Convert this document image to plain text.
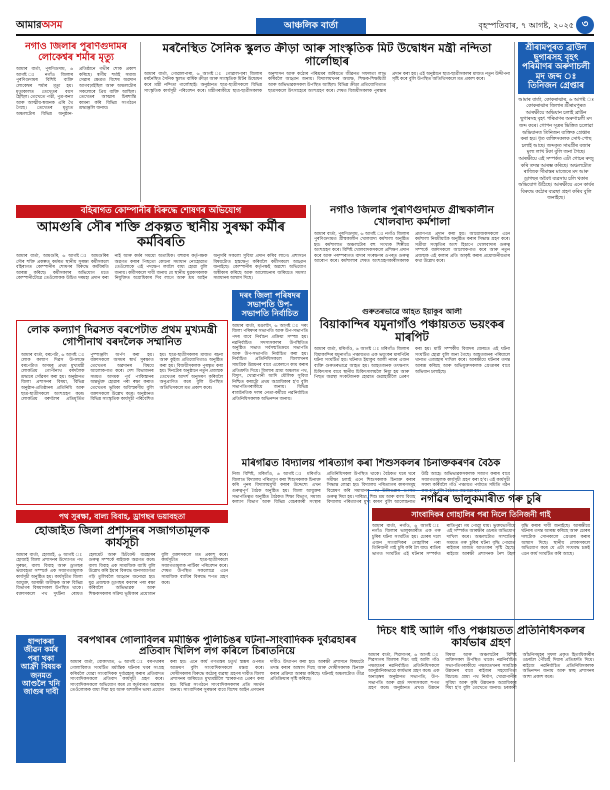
আমারঅসম	আঞ্চলিক বাৰ্তা	বৃহস্পতিবাৰ, ৭ আগষ্ট, ২০২৫ ৩
নগাঁও জিলাৰ পুৰণিগুদামৰ লোকেশ্বৰ শৰ্মাৰ মৃত্যু
আমাৰ বাৰ্তা, পুৰণিগুদাম, ৬ আগষ্ট ঃ নগাঁও জিলাৰ পুৰণিগুদামৰ বিশিষ্ট ব্যক্তি লোকেশ্বৰ শৰ্মাৰ মৃত্যু হয়। মৃত্যুকালত তেখেতৰ বয়স হৈছিল। তেখেতে পত্নী, পুত্ৰ-কন্যা আৰু আত্মীয়-স্বজনক এৰি থৈ গৈছে। তেখেতৰ মৃত্যুত অঞ্চলটোৰ বিভিন্ন অনুষ্ঠান-প্ৰতিষ্ঠানে গভীৰ শোক প্ৰকাশ কৰিছে। স্বৰ্গীয় শৰ্মাই সমাজ সেৱাৰ ক্ষেত্ৰত বিশেষ অৱদান আগবঢ়াইছিল আৰু অঞ্চলটোৰ সকলোৰে প্ৰিয় ব্যক্তি আছিল। তেখেতৰ আত্মাৰ চিৰশান্তি কামনা কৰি বিভিন্ন সংগঠনে শ্ৰদ্ধাঞ্জলি জনায়।
মৰনৈস্থিত সৈনিক স্কুলত ক্ৰীড়া আৰু সাংস্কৃতিক মিট উদ্বোধন মন্ত্ৰী নন্দিতা গাৰ্লোছাৰ
আমাৰ বাৰ্তা, গোৱালপাৰা, ৬ আগষ্ট ঃ গোৱালপাৰা জিলাৰ মৰনৈস্থিত সৈনিক স্কুলত বাৰ্ষিক ক্ৰীড়া আৰু সাংস্কৃতিক মিটৰ উদ্বোধন কৰে মন্ত্ৰী নন্দিতা গাৰ্লোছাই। অনুষ্ঠানত ছাত্ৰ-ছাত্ৰীসকলে বিভিন্ন সাংস্কৃতিক কাৰ্যসূচী পৰিবেশন কৰে। মন্ত্ৰীগৰাকীয়ে ছাত্ৰ-ছাত্ৰীসকলক অনুশাসন আৰু কঠোৰ পৰিশ্ৰমৰ জৰিয়তে জীৱনত সফলতা লাভ কৰিবলৈ আহ্বান জনায়। বিদ্যালয়খনৰ অধ্যক্ষ, শিক্ষক-শিক্ষয়িত্ৰী আৰু অভিভাৱকসকল উপস্থিত আছিল। বিভিন্ন ক্ৰীড়া প্ৰতিযোগিতাত ছাত্ৰসকলে উৎসাহেৰে অংশগ্ৰহণ কৰে। শেষত বিজয়ীসকলক পুৰস্কাৰ প্ৰদান কৰা হয়। এই অনুষ্ঠানে ছাত্ৰ-ছাত্ৰীসকলৰ মাজত নতুন উদ্দীপনা সৃষ্টি কৰে বুলি উপস্থিত অতিথিসকলে মত প্ৰকাশ কৰে।
শ্ৰীৰামপুৰত ব্ৰাউন ছুগাৰসহ বৃহৎ পৰিমাণৰ অৰুণাচলী মদ জব্দ ঃ তিনিজন গ্ৰেপ্তাৰ
আমাৰ বাৰ্তা, কোকৰাঝাৰ, ৬ আগষ্ট ঃ কোকৰাঝাৰ জিলাৰ শ্ৰীৰামপুৰত আৰক্ষীয়ে অভিযান চলাই ব্ৰাউন ছুগাৰসহ বৃহৎ পৰিমাণৰ অৰুণাচলী মদ জব্দ কৰে। গোপন সূত্ৰৰ ভিত্তিত চলোৱা অভিযানত তিনিজন ব্যক্তিক গ্ৰেপ্তাৰ কৰা হয়। ধৃত ব্যক্তিসকলক সোধ-পোছ চলাই আছে। জব্দকৃত সামগ্ৰীৰ বজাৰ মূল্য লাখ টকা বুলি জনা গৈছে। আৰক্ষীয়ে এই সম্পৰ্কত এটা গোচৰ ৰুজু কৰি তদন্ত আৰম্ভ কৰিছে। অঞ্চলটোত ৰাজ্যিক সীমান্তৰ মাজেৰে মদ আৰু ড্ৰাগছৰ অবৈধ ব্যৱসায় চলি থকাৰ অভিযোগ উঠিছে। আৰক্ষীয়ে এনে কাৰ্যৰ বিৰুদ্ধে কঠোৰ ব্যৱস্থা গ্ৰহণ কৰিব বুলি জনাইছে।
বহিৰাগত কোম্পানীৰ বিৰুদ্ধে শোষণৰ অভিযোগ
আমগুৰি সৌৰ শক্তি প্ৰকল্পত স্থানীয় সুৰক্ষা কৰ্মীৰ কৰ্মবিৰতি
আমাৰ বাৰ্তা, আমগুৰি, ৬ আগষ্ট ঃ আমগুৰিৰ সৌৰ শক্তি প্ৰকল্পত কৰ্মৰত স্থানীয় সুৰক্ষা কৰ্মীসকলে বহিৰাগত কোম্পানীৰ শোষণৰ বিৰুদ্ধে কৰ্মবিৰতি আৰম্ভ কৰিছে। কৰ্মীসকলৰ অভিযোগ মতে কোম্পানীটোৱে তেওঁলোকক উচিত দৰমহা প্ৰদান কৰা নাই আৰু কৰ্মৰ সময়ো অত্যধিক। বহুবাৰ কৰ্তৃপক্ষক অৱগত কৰাৰ পিছতো কোনো সমাধান নোহোৱাত তেওঁলোকে এই পদক্ষেপ লবলৈ বাধ্য হোৱা বুলি জনায়। কৰ্মীসকলে দাবী জনায় যে স্থানীয় যুৱকসকলক নিযুক্তিত অগ্ৰাধিকাৰ দিব লাগে আৰু শ্ৰম আইন অনুসৰি সকলো সুবিধা প্ৰদান কৰিব লাগে। প্ৰশাসনে বিষয়টোত হস্তক্ষেপ কৰিবলৈ কৰ্মীসকলে আহ্বান জনাইছে। কোম্পানীৰ কৰ্তৃপক্ষই অৱশ্যে অভিযোগ অস্বীকাৰ কৰিছে আৰু আলোচনাৰ জৰিয়তে সমস্যা সমাধানৰ আশ্বাস দিছে।
নগাঁও জিলাৰ পুৰণিগুদামত গ্ৰীষ্মকালীন খোলবাদ্য কৰ্মশালা
আমাৰ বাৰ্তা, পুৰণিগুদাম, ৬ আগষ্ট ঃ নগাঁও জিলাৰ পুৰণিগুদামত গ্ৰীষ্মকালীন খোলবাদ্য কৰ্মশালা অনুষ্ঠিত হয়। কৰ্মশালাত অঞ্চলটোৰ বহু সংখ্যক শিল্পীয়ে অংশগ্ৰহণ কৰে। বিশিষ্ট খোলবাদকসকলে প্ৰশিক্ষণ প্ৰদান কৰে আৰু পৰম্পৰাগত বাদ্যৰ সংৰক্ষণৰ ওপৰত গুৰুত্ব আৰোপ কৰে। কৰ্মশালাৰ শেষত অংশগ্ৰহণকাৰীসকলক প্ৰমাণপত্ৰ প্ৰদান কৰা হয়। আয়োজকসকলে এনে কৰ্মশালা নিয়মীয়াকৈ অনুষ্ঠিত কৰাৰ সিদ্ধান্ত গ্ৰহণ কৰে। সত্ৰীয়া সংস্কৃতিৰ অংশ হিচাপে খোলবাদ্যৰ গুৰুত্ব সম্পৰ্কে বক্তাসকলে আলোকপাত কৰে আৰু নতুন প্ৰজন্মক এই কলাৰ প্ৰতি আকৃষ্ট কৰাৰ প্ৰয়োজনীয়তাৰ কথা উল্লেখ কৰে।
গুৰুতৰভাৱে আহত ইয়াকুব আলী
বিয়াকান্দিৰ যমুনাগাঁও পঞ্চায়তত ভয়ংকৰ মাৰপিট
আমাৰ বাৰ্তা, মৰিগাঁও, ৬ আগষ্ট ঃ মৰিগাঁও জিলাৰ বিয়াকান্দিৰ যমুনাগাঁও পঞ্চায়তত এক ভয়ংকৰ মাৰপিটৰ ঘটনা সংঘটিত হয়। ঘটনাত ইয়াকুব আলী নামৰ এজন ব্যক্তি গুৰুতৰভাৱে আহত হয়। আহতজনক তৎক্ষণাৎ চিকিৎসাৰ বাবে স্থানীয় চিকিৎসালয়লৈ নিয়া হয় আৰু পিছত অৱস্থা সংকটজনক হোৱাত গুৱাহাটীলৈ প্ৰেৰণ কৰা হয়। মাটি সম্পৰ্কীয় বিবাদৰ জেৰতে এই ঘটনা সংঘটিত হোৱা বুলি জনা গৈছে। আহতজনৰ পৰিয়ালে থানাত এজাহাৰ দাখিল কৰে। আৰক্ষীয়ে ঘটনাৰ তদন্ত আৰম্ভ কৰিছে আৰু অভিযুক্তসকলক গ্ৰেপ্তাৰৰ বাবে অভিযান চলাইছে।
লোক কল্যাণ দিৱসত বৰপেটাত প্ৰথম মুখ্যমন্ত্ৰী গোপীনাথ বৰদলৈক সম্মানিত
আমাৰ বাৰ্তা, বৰপেটা, ৬ আগষ্ট ঃ লোক কল্যাণ দিৱস উপলক্ষে বৰপেটাত অসমৰ প্ৰথম মুখ্যমন্ত্ৰী লোকপ্ৰিয় গোপীনাথ বৰদলৈক শ্ৰদ্ধাৰে সোঁৱৰণ কৰা হয়। অনুষ্ঠানত জিলা প্ৰশাসনৰ বিষয়া, বিভিন্ন অনুষ্ঠান-প্ৰতিষ্ঠানৰ প্ৰতিনিধি আৰু ছাত্ৰ-ছাত্ৰীসকলে অংশগ্ৰহণ কৰে। লোকপ্ৰিয় বৰদলৈৰ প্ৰতিমূৰ্তিত পুষ্পাঞ্জলি অৰ্পণ কৰা হয়। বক্তাসকলে অসমৰ স্বাৰ্থ সুৰক্ষাত তেখেতৰ অৱদানৰ বিষয়ে আলোকপাত কৰে। দেশ বিভাজনৰ সময়ত অসমক পূৰ্ব পাকিস্তানৰ অন্তৰ্ভুক্ত হোৱাৰ পৰা ৰক্ষা কৰাত তেখেতৰ ভূমিকা অবিস্মৰণীয় বুলি বক্তাসকলে উল্লেখ কৰে। অনুষ্ঠানত বিভিন্ন সাংস্কৃতিক কাৰ্যসূচী পৰিবেশিত হয়। ছাত্ৰ-ছাত্ৰীসকলৰ মাজত ৰচনা আৰু কুইজ প্ৰতিযোগিতাও অনুষ্ঠিত কৰা হয়। বিজয়ীসকলক পুৰস্কৃত কৰা হয়। দিনটোৰ অনুষ্ঠানে নতুন প্ৰজন্মক তেখেতৰ আদৰ্শ অনুসৰণ কৰিবলৈ অনুপ্ৰাণিত কৰে বুলি উপস্থিত অতিথিসকলে মত প্ৰকাশ কৰে।
দৰং জিলা পৰিষদৰ সভাপতি উপ-সভাপতি নিৰ্বাচিত
আমাৰ বাৰ্তা, মঙলদৈ, ৬ আগষ্ট ঃ দৰং জিলা পৰিষদৰ সভাপতি আৰু উপ-সভাপতি পদৰ বাবে নিৰ্বাচন প্ৰক্ৰিয়া সম্পন্ন হয়। নৱনিৰ্বাচিত সদস্যসকলৰ উপস্থিতিত অনুষ্ঠিত সভাত সৰ্বসন্মতিক্ৰমে সভাপতি আৰু উপ-সভাপতি নিৰ্বাচিত কৰা হয়। নিৰ্বাচিত প্ৰতিনিধিসকলে জিলাখনৰ সামগ্ৰিক উন্নয়নৰ বাবে একেলগে কাম কৰাৰ প্ৰতিশ্ৰুতি দিয়ে। জিলাৰ গ্ৰাম্য অঞ্চলত পথ, বিদ্যুৎ, খোৱাপানী আদি মৌলিক সুবিধা নিশ্চিত কৰাটো প্ৰথম অগ্ৰাধিকাৰ হ'ব বুলি সভাপতিগৰাকীয়ে জনায়। বিভিন্ন ৰাজনৈতিক দলৰ নেতা-কৰ্মীয়ে নৱনিৰ্বাচিত প্ৰতিনিধিসকলক অভিনন্দন জনায়।
মৰিগাঁৱত বিদ্যালয় পৰিত্যাগ কৰা শিশুসকলৰ চিনাক্তকৰণৰ বৈঠক
নিজ বিশিষ্ট, মৰিগাঁও, ৬ আগষ্ট ঃ মৰিগাঁও জিলাত বিদ্যালয় পৰিত্যাগ কৰা শিশুসকলক চিনাক্ত কৰি পুনৰ বিদ্যালয়মুখী কৰাৰ উদ্দেশ্যে এখন গুৰুত্বপূৰ্ণ বৈঠক অনুষ্ঠিত হয়। জিলা আয়ুক্তৰ সভাপতিত্বত অনুষ্ঠিত বৈঠকত শিক্ষা বিভাগ, সমাজ কল্যাণ বিভাগ আৰু বিভিন্ন বেচৰকাৰী সংস্থাৰ প্ৰতিনিধিসকল উপস্থিত থাকে। বৈঠকত ঘৰে ঘৰে সমীক্ষা চলাই এনে শিশুসকলক চিনাক্ত কৰাৰ সিদ্ধান্ত লোৱা হয়। বিদ্যালয় পৰিত্যাগৰ কাৰণসমূহ বিশ্লেষণ কৰি সমাধানৰ পথ উলিওৱাৰ ওপৰত গুৰুত্ব দিয়া হয়। দাৰিদ্ৰ্য, শিশু শ্ৰম আৰু বাল্য বিবাহ বিদ্যালয় পৰিত্যাগৰ মুখ্য কাৰণ বুলি আলোচনাত উঠি আহে। অভিভাৱকসকলক সজাগ কৰাৰ বাবে সজাগতামূলক কাৰ্যসূচী গ্ৰহণ কৰা হ'ব। এই কাৰ্যসূচী সফল কৰিবলৈ গাঁও পঞ্চায়ত পৰ্যায়ত সমিতি গঠন কৰা হ'ব বুলি বৈঠকত জনোৱা হয়।
নগাঁৱৰ ভালুকমাৰীত গৰু চুৰি
সাংবাদিকৰ গোহালিৰ পৰা নিলে তিনিজনী গাই
আমাৰ বাৰ্তা, নগাঁও, ৬ আগষ্ট ঃ নগাঁও জিলাৰ ভালুকমাৰীত এক গৰু চুৰিৰ ঘটনা সংঘটিত হয়। চোৰৰ দলে এজন সাংবাদিকৰ গোহালিৰ পৰা তিনিজনী গাই চুৰি কৰি লৈ যায়। ৰাতিৰ ভাগত সংঘটিত এই ঘটনাৰ সম্পৰ্কত ৰাতিপুৱা গম পোৱা যায়। ভুক্তভোগীয়ে এই সম্পৰ্কত আৰক্ষীৰ ওচৰত অভিযোগ দাখিল কৰে। অঞ্চলটোত সাম্প্ৰতিক সময়ত গৰু চুৰিৰ ঘটনা বৃদ্ধি পোৱাত ৰাইজৰ মাজত আতংকৰ সৃষ্টি হৈছে। ৰাইজে আৰক্ষী প্ৰশাসনক নৈশ টহল বৃদ্ধি কৰাৰ দাবী জনাইছে। আৰক্ষীয়ে ঘটনাৰ তদন্ত আৰম্ভ কৰিছে আৰু চোৰৰ দলটোক সোনকালে গ্ৰেপ্তাৰ কৰাৰ আশ্বাস দিছে। স্থানীয় লোকসকলে অভিযোগ কৰে যে এটা সংঘবদ্ধ চক্ৰই এনে কাৰ্য সংঘটিত কৰি আছে।
পথ সুৰক্ষা, বাল্য বিবাহ, ড্ৰাগছৰ ভয়াবহতা
হোজাইত জিলা প্ৰশাসনৰ সজাগতামূলক কাৰ্যসূচী
আমাৰ বাৰ্তা, হোজাই, ৬ আগষ্ট ঃ হোজাই জিলা প্ৰশাসনৰ উদ্যোগত পথ সুৰক্ষা, বাল্য বিবাহ আৰু ড্ৰাগছৰ ভয়াবহতা সম্পৰ্কে এক সজাগতামূলক কাৰ্যসূচী অনুষ্ঠিত হয়। কাৰ্যসূচীত জিলা আয়ুক্ত, আৰক্ষী অধীক্ষক আৰু বিভিন্ন বিভাগৰ বিষয়াসকল উপস্থিত থাকে। বক্তাসকলে পথ দুৰ্ঘটনা ৰোধত হেলমেট আৰু চিটবেল্ট ব্যৱহাৰৰ গুৰুত্ব সম্পৰ্কে ৰাইজক অৱগত কৰে। বাল্য বিবাহ এক সামাজিক ব্যাধি বুলি উল্লেখ কৰি ইয়াৰ বিৰুদ্ধে জনসজাগতা গঢ়ি তুলিবলৈ আহ্বান জনোৱা হয়। যুৱ প্ৰজন্মক ড্ৰাগছৰ কবলৰ পৰা ৰক্ষা কৰিবলৈ অভিভাৱক আৰু শিক্ষকসকলৰ সক্ৰিয় ভূমিকাৰ প্ৰয়োজন বুলি বক্তাসকলে মত প্ৰকাশ কৰে। কাৰ্যসূচীত ছাত্ৰ-ছাত্ৰীসকলে সজাগতামূলক নাটিকা পৰিবেশন কৰে। শেষত উপস্থিত সকলোৱে এনে সামাজিক ব্যাধিৰ বিৰুদ্ধে শপত গ্ৰহণ কৰে।
দিচং ধাই আলি গাঁও পঞ্চায়তত প্ৰতিনিধিসকলৰ কাৰ্যভাৰ গ্ৰহণ
আমাৰ বাৰ্তা, শিৱসাগৰ, ৬ আগষ্ট ঃ শিৱসাগৰ জিলাৰ দিচং ধাই আলি গাঁও পঞ্চায়তৰ নৱনিৰ্বাচিত প্ৰতিনিধিসকলে আনুষ্ঠানিকভাৱে কাৰ্যভাৰ গ্ৰহণ কৰে। এক অনাড়ম্বৰ অনুষ্ঠানত সভাপতি, উপ-সভাপতি আৰু ৱাৰ্ড সদস্যসকলে শপত গ্ৰহণ কৰে। অনুষ্ঠানত প্ৰখণ্ড উন্নয়ন বিষয়া আৰু অঞ্চলটোৰ বিশিষ্ট ব্যক্তিসকল উপস্থিত থাকে। নৱনিৰ্বাচিত সভাপতিগৰাকীয়ে পঞ্চায়তখনৰ সামগ্ৰিক উন্নয়নৰ বাবে ৰাইজৰ সহযোগিতা বিচাৰে। গ্ৰাম্য পথ নিৰ্মাণ, খোৱাপানীৰ সুবিধা আৰু কৃষি উন্নয়নক অগ্ৰাধিকাৰ দিয়া হ'ব বুলি তেখেতে জনায়। চৰকাৰী আঁচনিসমূহৰ সুফল প্ৰকৃত হিতাধিকাৰীৰ ওচৰলৈ পৌঁচাই দিয়াৰ প্ৰতিশ্ৰুতি দিয়ে। ৰাইজে নৱনিৰ্বাচিত প্ৰতিনিধিসকলক অভিনন্দন জনায় আৰু স্বচ্ছ প্ৰশাসনৰ আশা প্ৰকাশ কৰে।
বৰপথাৰৰ গোলাবিলৰ মৰ্মান্তিক পুলিচিঙৰ ঘটনা-সাংবাদিকক দুৰ্ব্যৱহাৰৰ প্ৰতিবাদ খিলিপ লগ কৰিলে চিৰাতনিয়ে
আমাৰ বাৰ্তা, বোকাখাত, ৬ আগষ্ট ঃ বৰপথাৰৰ গোলাবিলত সংঘটিত মৰ্মান্তিক ঘটনাৰ খবৰ সংগ্ৰহ কৰিবলৈ যোৱা সাংবাদিকক দুৰ্ব্যৱহাৰ কৰাৰ প্ৰতিবাদত সাংবাদিকসকলে প্ৰতিবাদ কাৰ্যসূচী গ্ৰহণ কৰে। সাংবাদিকসকলে অভিযোগ কৰে যে কৰ্তব্যৰত অৱস্থাত তেওঁলোকক বাধা দিয়া হয় আৰু অশালীন ভাষা প্ৰয়োগ কৰা হয়। এনে কাৰ্য গণতন্ত্ৰৰ চতুৰ্থ স্তম্ভৰ ওপৰত আক্ৰমণ বুলি সাংবাদিকসকলে মন্তব্য কৰে। দোষীসকলৰ বিৰুদ্ধে কঠোৰ ব্যৱস্থা গ্ৰহণৰ দাবীত জিলা প্ৰশাসনৰ জৰিয়তে মুখ্যমন্ত্ৰীলৈ স্মাৰকপত্ৰ প্ৰেৰণ কৰা হয়। বিভিন্ন সংগঠনে সাংবাদিকসকলৰ প্ৰতি সমৰ্থন জনায়। সাংবাদিকৰ সুৰক্ষাৰ বাবে বিশেষ আইন প্ৰণয়নৰ দাবীও উত্থাপন কৰা হয়। আৰক্ষী প্ৰশাসনে বিষয়টো তদন্ত কৰাৰ আশ্বাস দিছে আৰু দোষীসকলক চিনাক্ত কৰাৰ প্ৰক্ৰিয়া আৰম্ভ কৰিছে। ঘটনাই অঞ্চলটোত তীব্ৰ প্ৰতিক্ৰিয়াৰ সৃষ্টি কৰিছে।
ধান্দাকৰা জীৱন কৰ্মৰ পৰা খকা আফ্ৰী বিষয়ক জনমত আণ্ডলৈ খনি জাগুৰ দাবী
